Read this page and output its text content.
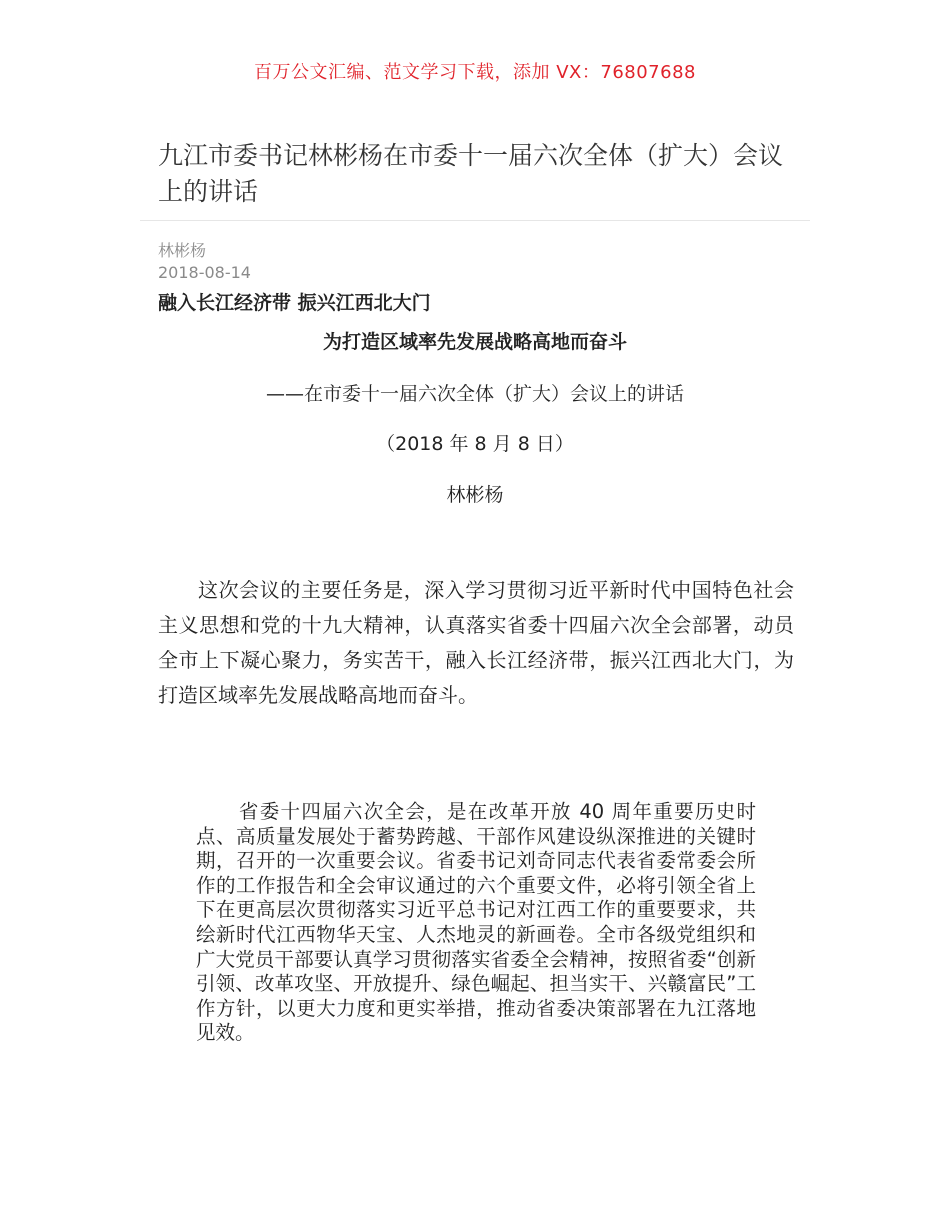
百万公文汇编、范文学习下载，添加 VX：76807688
九江市委书记林彬杨在市委十一届六次全体（扩大）会议上的讲话
林彬杨
2018-08-14
融入长江经济带 振兴江西北大门
为打造区域率先发展战略高地而奋斗
——在市委十一届六次全体（扩大）会议上的讲话
（2018 年 8 月 8 日）
林彬杨

这次会议的主要任务是，深入学习贯彻习近平新时代中国特色社会主义思想和党的十九大精神，认真落实省委十四届六次全会部署，动员全市上下凝心聚力，务实苦干，融入长江经济带，振兴江西北大门，为打造区域率先发展战略高地而奋斗。

省委十四届六次全会，是在改革开放 40 周年重要历史时点、高质量发展处于蓄势跨越、干部作风建设纵深推进的关键时期，召开的一次重要会议。省委书记刘奇同志代表省委常委会所作的工作报告和全会审议通过的六个重要文件，必将引领全省上下在更高层次贯彻落实习近平总书记对江西工作的重要要求，共绘新时代江西物华天宝、人杰地灵的新画卷。全市各级党组织和广大党员干部要认真学习贯彻落实省委全会精神，按照省委“创新引领、改革攻坚、开放提升、绿色崛起、担当实干、兴赣富民”工作方针，以更大力度和更实举措，推动省委决策部署在九江落地见效。
